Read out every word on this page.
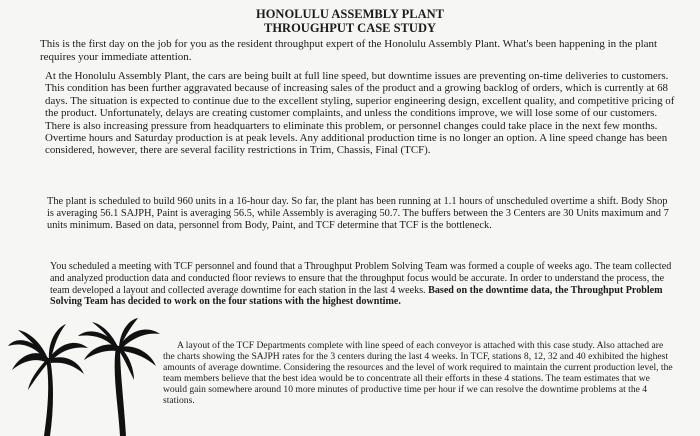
HONOLULU ASSEMBLY PLANT
THROUGHPUT CASE STUDY
This is the first day on the job for you as the resident throughput expert of the Honolulu Assembly Plant. What's been happening in the plant requires your immediate attention.
At the Honolulu Assembly Plant, the cars are being built at full line speed, but downtime issues are preventing on-time deliveries to customers. This condition has been further aggravated because of increasing sales of the product and a growing backlog of orders, which is currently at 68 days. The situation is expected to continue due to the excellent styling, superior engineering design, excellent quality, and competitive pricing of the product. Unfortunately, delays are creating customer complaints, and unless the conditions improve, we will lose some of our customers. There is also increasing pressure from headquarters to eliminate this problem, or personnel changes could take place in the next few months. Overtime hours and Saturday production is at peak levels. Any additional production time is no longer an option. A line speed change has been considered, however, there are several facility restrictions in Trim, Chassis, Final (TCF).
The plant is scheduled to build 960 units in a 16-hour day. So far, the plant has been running at 1.1 hours of unscheduled overtime a shift. Body Shop is averaging 56.1 SAJPH, Paint is averaging 56.5, while Assembly is averaging 50.7. The buffers between the 3 Centers are 30 Units maximum and 7 units minimum. Based on data, personnel from Body, Paint, and TCF determine that TCF is the bottleneck.
You scheduled a meeting with TCF personnel and found that a Throughput Problem Solving Team was formed a couple of weeks ago. The team collected and analyzed production data and conducted floor reviews to ensure that the throughput focus would be accurate. In order to understand the process, the team developed a layout and collected average downtime for each station in the last 4 weeks. Based on the downtime data, the Throughput Problem Solving Team has decided to work on the four stations with the highest downtime.
A layout of the TCF Departments complete with line speed of each conveyor is attached with this case study. Also attached are the charts showing the SAJPH rates for the 3 centers during the last 4 weeks. In TCF, stations 8, 12, 32 and 40 exhibited the highest amounts of average downtime. Considering the resources and the level of work required to maintain the current production level, the team members believe that the best idea would be to concentrate all their efforts in these 4 stations. The team estimates that we would gain somewhere around 10 more minutes of productive time per hour if we can resolve the downtime problems at the 4 stations.
